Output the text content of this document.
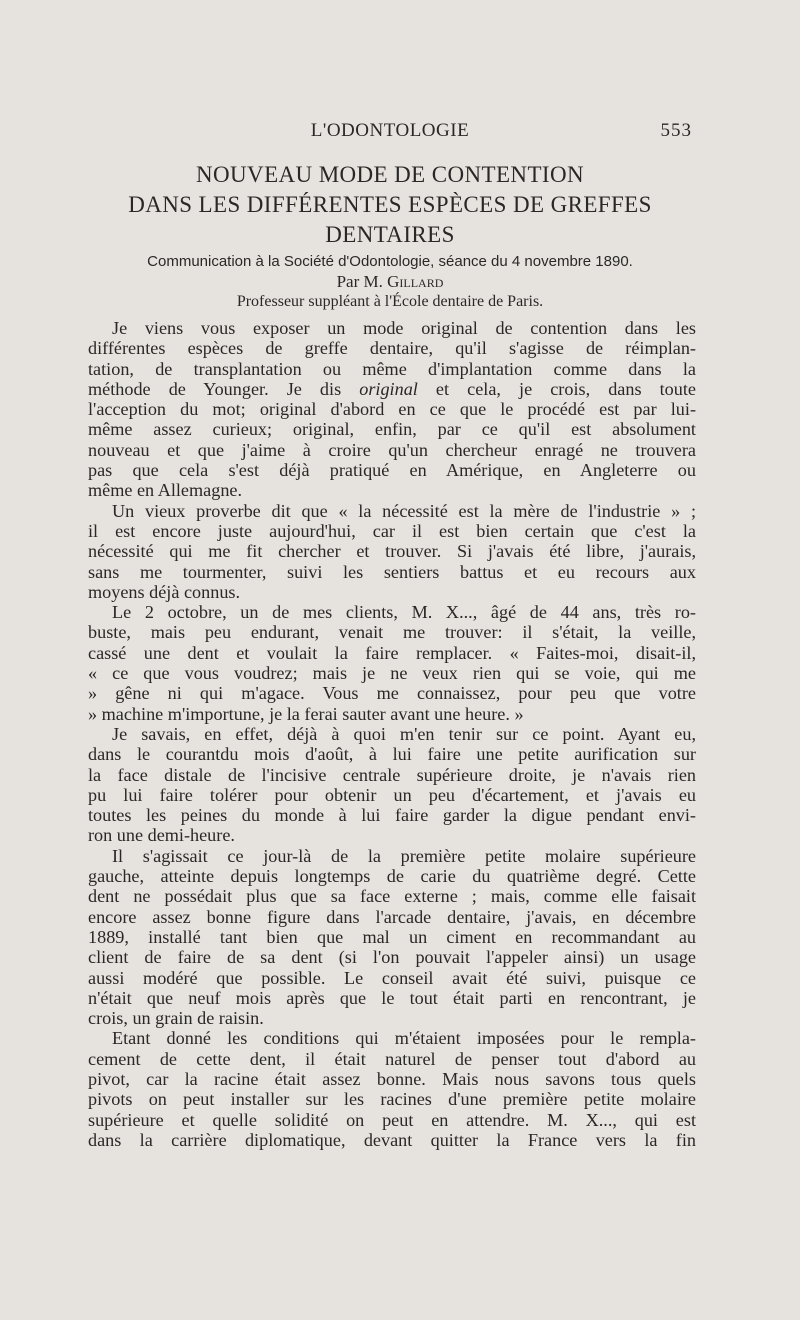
L'ODONTOLOGIE	553
NOUVEAU MODE DE CONTENTION
DANS LES DIFFÉRENTES ESPÈCES DE GREFFES
DENTAIRES
Communication à la Société d'Odontologie, séance du 4 novembre 1890.
Par M. Gillard
Professeur suppléant à l'École dentaire de Paris.
Je viens vous exposer un mode original de contention dans les
différentes espèces de greffe dentaire, qu'il s'agisse de réimplan-
tation, de transplantation ou même d'implantation comme dans la
méthode de Younger. Je dis original et cela, je crois, dans toute
l'acception du mot; original d'abord en ce que le procédé est par lui-
même assez curieux; original, enfin, par ce qu'il est absolument
nouveau et que j'aime à croire qu'un chercheur enragé ne trouvera
pas que cela s'est déjà pratiqué en Amérique, en Angleterre ou
même en Allemagne.
Un vieux proverbe dit que « la nécessité est la mère de l'industrie » ;
il est encore juste aujourd'hui, car il est bien certain que c'est la
nécessité qui me fit chercher et trouver. Si j'avais été libre, j'aurais,
sans me tourmenter, suivi les sentiers battus et eu recours aux
moyens déjà connus.
Le 2 octobre, un de mes clients, M. X..., âgé de 44 ans, très ro-
buste, mais peu endurant, venait me trouver: il s'était, la veille,
cassé une dent et voulait la faire remplacer. « Faites-moi, disait-il,
« ce que vous voudrez; mais je ne veux rien qui se voie, qui me
» gêne ni qui m'agace. Vous me connaissez, pour peu que votre
» machine m'importune, je la ferai sauter avant une heure. »
Je savais, en effet, déjà à quoi m'en tenir sur ce point. Ayant eu,
dans le courantdu mois d'août, à lui faire une petite aurification sur
la face distale de l'incisive centrale supérieure droite, je n'avais rien
pu lui faire tolérer pour obtenir un peu d'écartement, et j'avais eu
toutes les peines du monde à lui faire garder la digue pendant envi-
ron une demi-heure.
Il s'agissait ce jour-là de la première petite molaire supérieure
gauche, atteinte depuis longtemps de carie du quatrième degré. Cette
dent ne possédait plus que sa face externe ; mais, comme elle faisait
encore assez bonne figure dans l'arcade dentaire, j'avais, en décembre
1889, installé tant bien que mal un ciment en recommandant au
client de faire de sa dent (si l'on pouvait l'appeler ainsi) un usage
aussi modéré que possible. Le conseil avait été suivi, puisque ce
n'était que neuf mois après que le tout était parti en rencontrant, je
crois, un grain de raisin.
Etant donné les conditions qui m'étaient imposées pour le rempla-
cement de cette dent, il était naturel de penser tout d'abord au
pivot, car la racine était assez bonne. Mais nous savons tous quels
pivots on peut installer sur les racines d'une première petite molaire
supérieure et quelle solidité on peut en attendre. M. X..., qui est
dans la carrière diplomatique, devant quitter la France vers la fin
